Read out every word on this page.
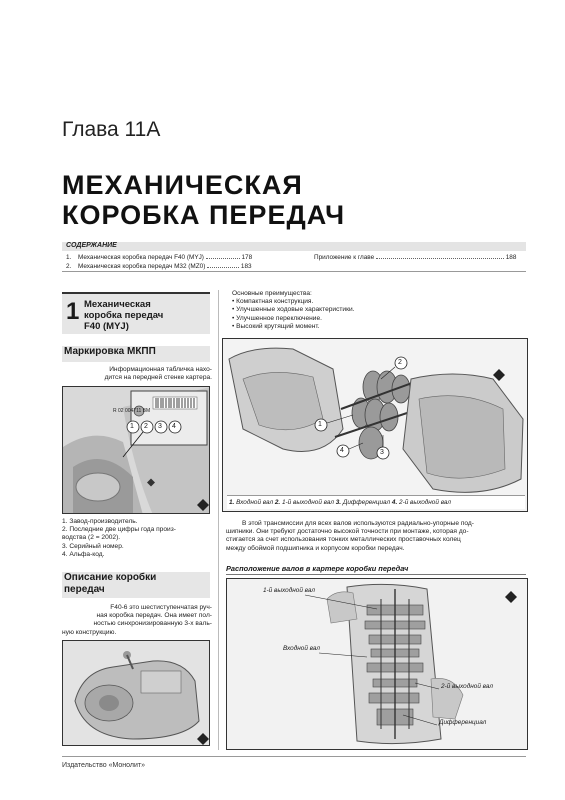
Глава 11А
МЕХАНИЧЕСКАЯ
КОРОБКА ПЕРЕДАЧ
СОДЕРЖАНИЕ
1. Механическая коробка передач F40 (MYJ)	178
2. Механическая коробка передач M32 (MZ0)	183
Приложение к главе	188
1 Механическая
коробка передач
F40 (MYJ)
Основные преимущества:
• Компактная конструкция.
• Улучшенные ходовые характеристики.
• Улучшенное переключение.
• Высокий крутящий момент.
Маркировка МКПП
Информационная табличка нахо-
дится на передней стенке картера.
R 02 004711 BM
1 2 3 4
1. Завод-производитель.
2. Последние две цифры года произ-
водства (2 = 2002).
3. Серийный номер.
4. Альфа-код.
Описание коробки
передач
F40-6 это шестиступенчатая руч-
ная коробка передач. Она имеет пол-
ностью синхронизированную 3-х валь-
ную конструкцию.
2
1
4	3
1. Входной вал 2. 1-й выходной вал 3. Дифференциал 4. 2-й выходной вал
В этой трансмиссии для всех валов используются радиально-упорные под-
шипники. Они требуют достаточно высокой точности при монтаже, которая до-
стигается за счет использования тонких металлических проставочных колец
между обоймой подшипника и корпусом коробки передач.
Расположение валов в картере коробки передач
1-й выходной вал
Входной вал
2-й выходной вал
Дифференциал
Издательство «Монолит»
